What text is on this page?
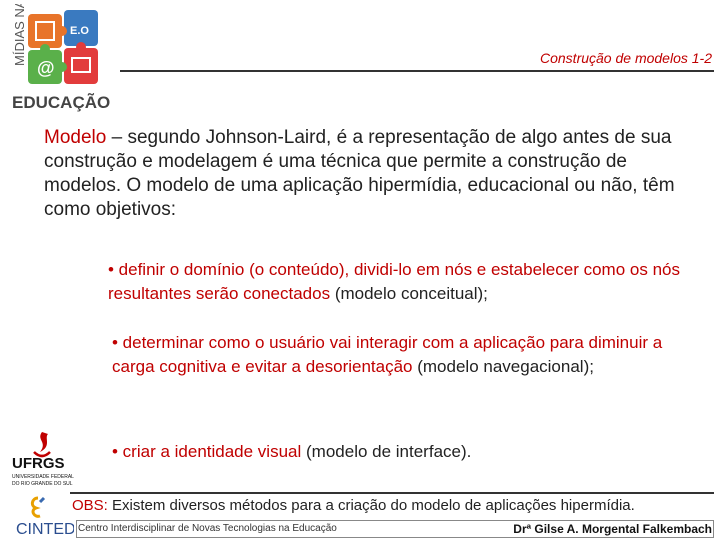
MÍDIAS NA	E.O
@
EDUCAÇÃO
Construção de modelos 1-2
Modelo – segundo Johnson-Laird, é a representação de algo antes de sua construção e modelagem é uma técnica que permite a construção de modelos. O modelo de uma aplicação hipermídia, educacional ou não, têm como objetivos:
• definir o domínio (o conteúdo), dividi-lo em nós e estabelecer como os nós resultantes serão conectados (modelo conceitual);
• determinar como o usuário vai interagir com a aplicação para diminuir a carga cognitiva e evitar a desorientação (modelo navegacional);
• criar a identidade visual (modelo de interface).
UFRGS
UNIVERSIDADE FEDERAL
DO RIO GRANDE DO SUL
OBS: Existem diversos métodos para a criação do modelo de aplicações hipermídia.
CINTED Centro Interdisciplinar de Novas Tecnologias na Educação	Drª Gilse A. Morgental Falkembach
